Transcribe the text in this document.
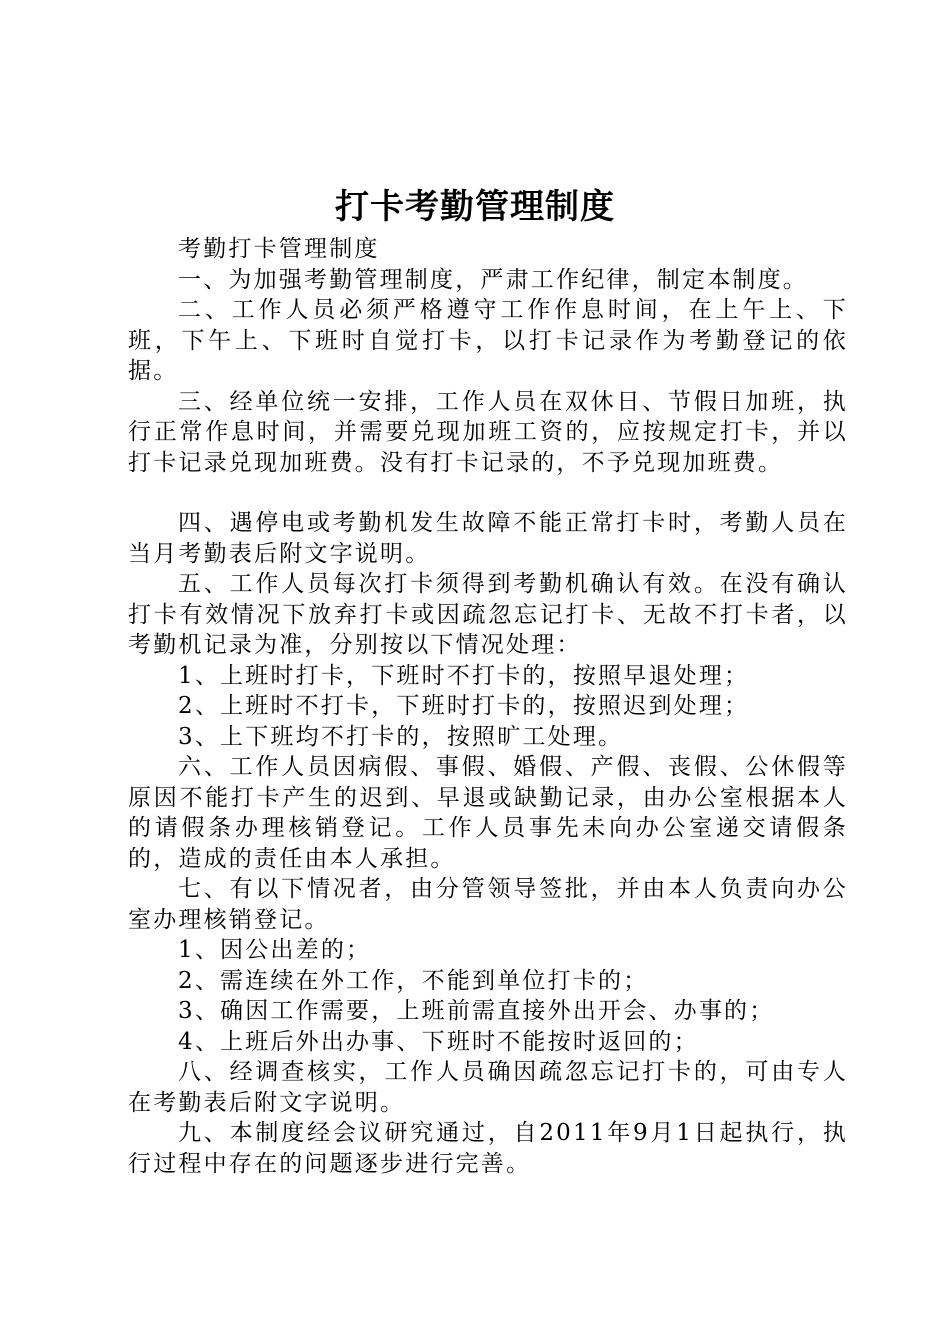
打卡考勤管理制度

考勤打卡管理制度

一、为加强考勤管理制度，严肃工作纪律，制定本制度。

二、工作人员必须严格遵守工作作息时间，在上午上、下班，下午上、下班时自觉打卡，以打卡记录作为考勤登记的依据。

三、经单位统一安排，工作人员在双休日、节假日加班，执行正常作息时间，并需要兑现加班工资的，应按规定打卡，并以打卡记录兑现加班费。没有打卡记录的，不予兑现加班费。

四、遇停电或考勤机发生故障不能正常打卡时，考勤人员在当月考勤表后附文字说明。

五、工作人员每次打卡须得到考勤机确认有效。在没有确认打卡有效情况下放弃打卡或因疏忽忘记打卡、无故不打卡者，以考勤机记录为准，分别按以下情况处理：

1、上班时打卡，下班时不打卡的，按照早退处理；

2、上班时不打卡，下班时打卡的，按照迟到处理；

3、上下班均不打卡的，按照旷工处理。

六、工作人员因病假、事假、婚假、产假、丧假、公休假等原因不能打卡产生的迟到、早退或缺勤记录，由办公室根据本人的请假条办理核销登记。工作人员事先未向办公室递交请假条的，造成的责任由本人承担。

七、有以下情况者，由分管领导签批，并由本人负责向办公室办理核销登记。

1、因公出差的；

2、需连续在外工作，不能到单位打卡的；

3、确因工作需要，上班前需直接外出开会、办事的；

4、上班后外出办事、下班时不能按时返回的；

八、经调查核实，工作人员确因疏忽忘记打卡的，可由专人在考勤表后附文字说明。

九、本制度经会议研究通过，自2011年9月1日起执行，执行过程中存在的问题逐步进行完善。
